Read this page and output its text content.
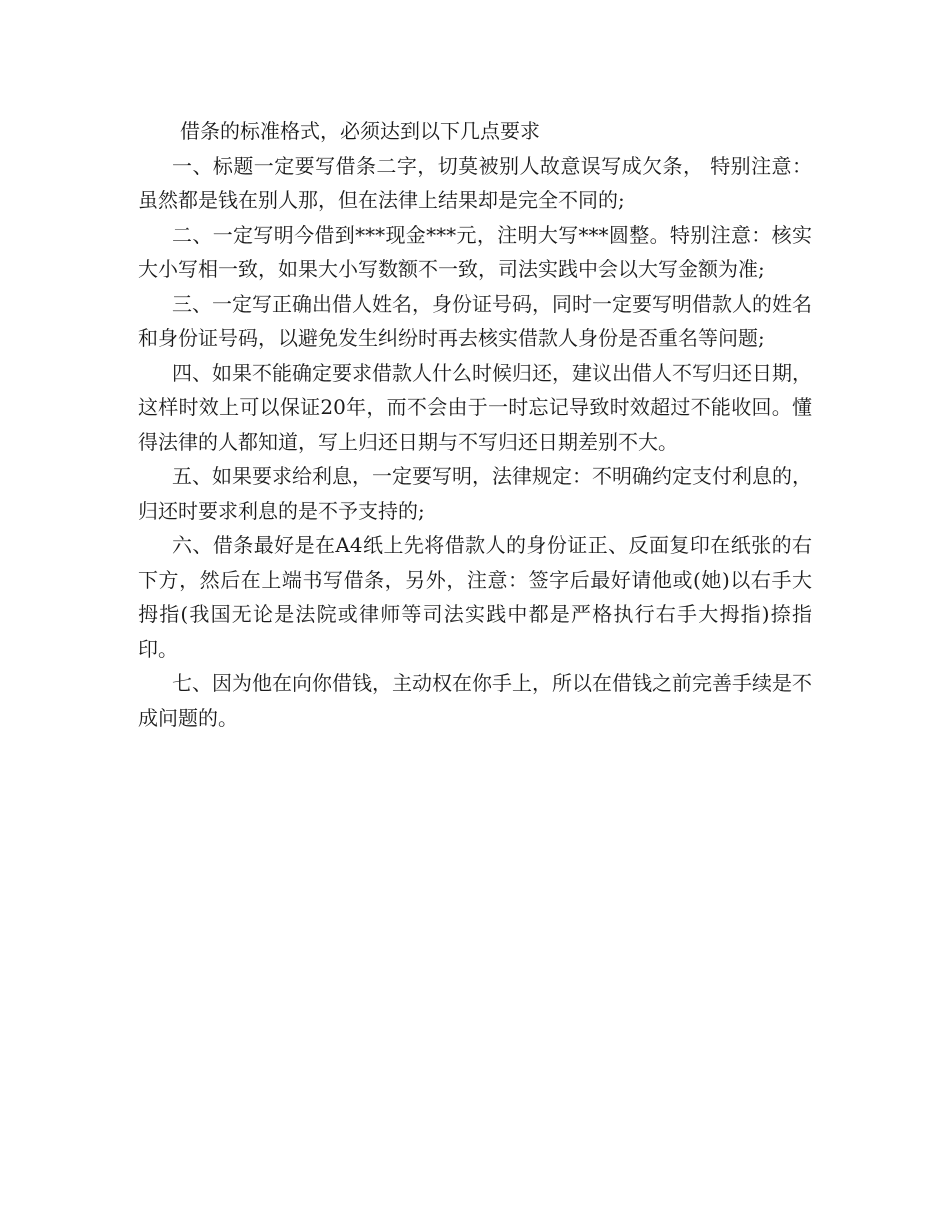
借条的标准格式，必须达到以下几点要求

一、标题一定要写借条二字，切莫被别人故意误写成欠条， 特别注意：虽然都是钱在别人那，但在法律上结果却是完全不同的;

二、一定写明今借到***现金***元，注明大写***圆整。特别注意：核实大小写相一致，如果大小写数额不一致，司法实践中会以大写金额为准;

三、一定写正确出借人姓名，身份证号码，同时一定要写明借款人的姓名和身份证号码，以避免发生纠纷时再去核实借款人身份是否重名等问题;

四、如果不能确定要求借款人什么时候归还，建议出借人不写归还日期，这样时效上可以保证20年，而不会由于一时忘记导致时效超过不能收回。懂得法律的人都知道，写上归还日期与不写归还日期差别不大。

五、如果要求给利息，一定要写明，法律规定：不明确约定支付利息的，归还时要求利息的是不予支持的;

六、借条最好是在A4纸上先将借款人的身份证正、反面复印在纸张的右下方，然后在上端书写借条，另外，注意：签字后最好请他或(她)以右手大拇指(我国无论是法院或律师等司法实践中都是严格执行右手大拇指)捺指印。

七、因为他在向你借钱，主动权在你手上，所以在借钱之前完善手续是不成问题的。
